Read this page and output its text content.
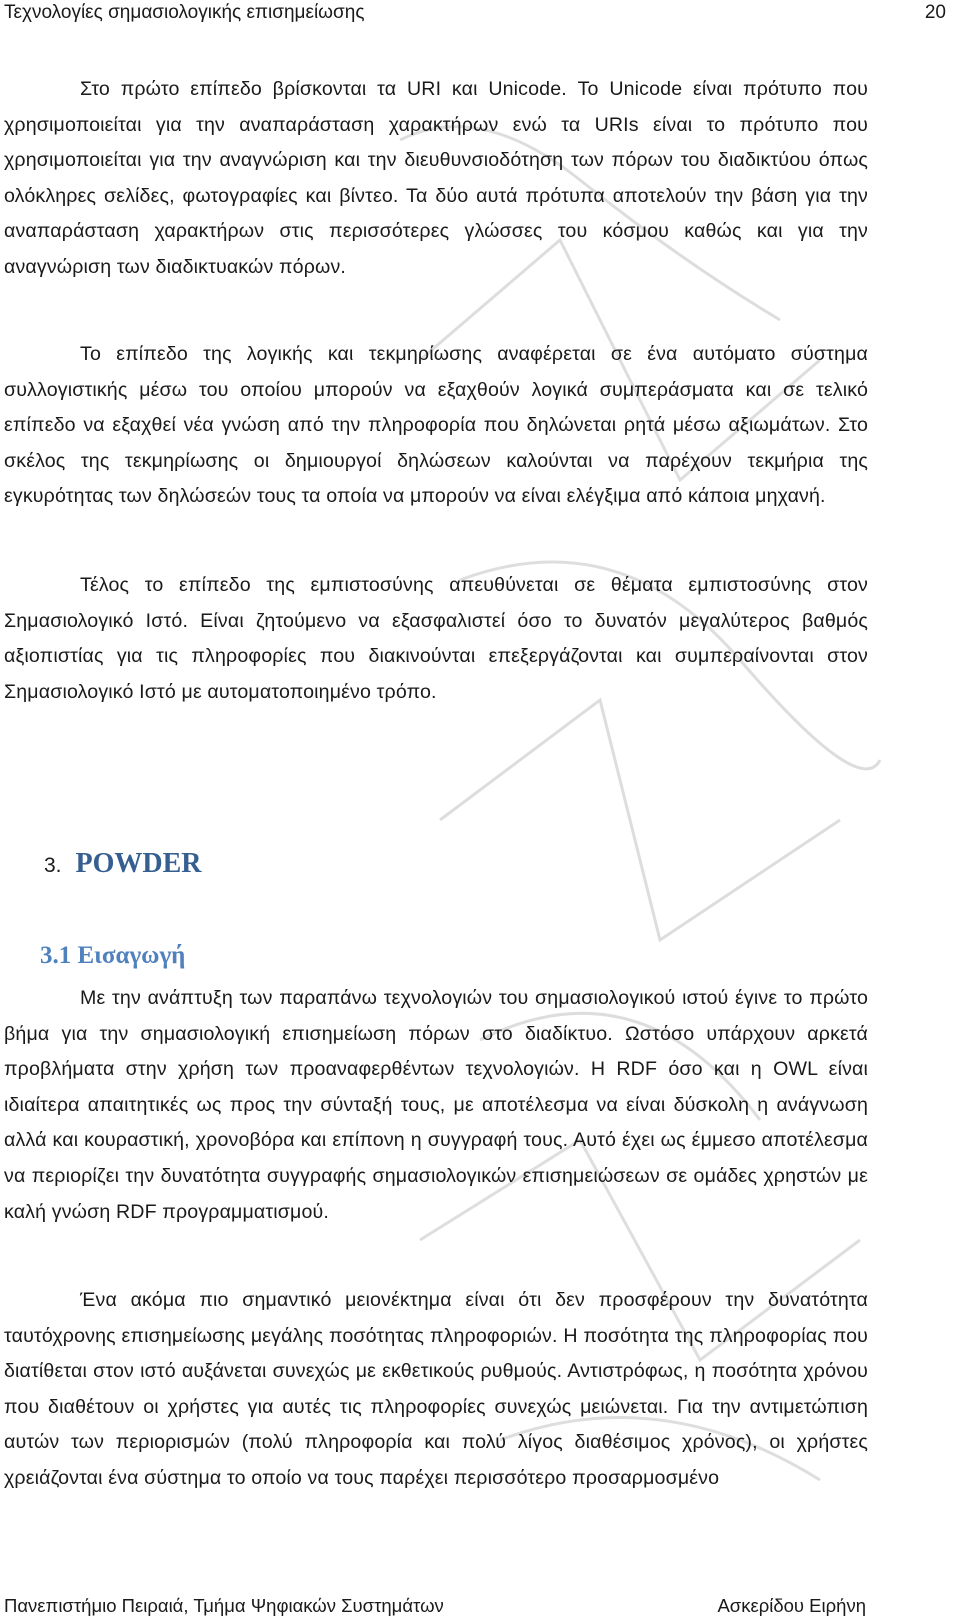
Τεχνολογίες σημασιολογικής επισημείωσης	20

Στο πρώτο επίπεδο βρίσκονται τα URI και Unicode. Το Unicode είναι πρότυπο που χρησιμοποιείται για την αναπαράσταση χαρακτήρων ενώ τα URIs είναι το πρότυπο που χρησιμοποιείται για την αναγνώριση και την διευθυνσιοδότηση των πόρων του διαδικτύου όπως ολόκληρες σελίδες, φωτογραφίες και βίντεο. Τα δύο αυτά πρότυπα αποτελούν την βάση για την αναπαράσταση χαρακτήρων στις περισσότερες γλώσσες του κόσμου καθώς και για την αναγνώριση των διαδικτυακών πόρων.

Το επίπεδο της λογικής και τεκμηρίωσης αναφέρεται σε ένα αυτόματο σύστημα συλλογιστικής μέσω του οποίου μπορούν να εξαχθούν λογικά συμπεράσματα και σε τελικό επίπεδο να εξαχθεί νέα γνώση από την πληροφορία που δηλώνεται ρητά μέσω αξιωμάτων. Στο σκέλος της τεκμηρίωσης οι δημιουργοί δηλώσεων καλούνται να παρέχουν τεκμήρια της εγκυρότητας των δηλώσεών τους τα οποία να μπορούν να είναι ελέγξιμα από κάποια μηχανή.

Τέλος το επίπεδο της εμπιστοσύνης απευθύνεται σε θέματα εμπιστοσύνης στον Σημασιολογικό Ιστό. Είναι ζητούμενο να εξασφαλιστεί όσο το δυνατόν μεγαλύτερος βαθμός αξιοπιστίας για τις πληροφορίες που διακινούνται επεξεργάζονται και συμπεραίνονται στον Σημασιολογικό Ιστό με αυτοματοποιημένο τρόπο.

3. POWDER
3.1 Εισαγωγή

Με την ανάπτυξη των παραπάνω τεχνολογιών του σημασιολογικού ιστού έγινε το πρώτο βήμα για την σημασιολογική επισημείωση πόρων στο διαδίκτυο. Ωστόσο υπάρχουν αρκετά προβλήματα στην χρήση των προαναφερθέντων τεχνολογιών. Η RDF όσο και η OWL είναι ιδιαίτερα απαιτητικές ως προς την σύνταξή τους, με αποτέλεσμα να είναι δύσκολη η ανάγνωση αλλά και κουραστική, χρονοβόρα και επίπονη η συγγραφή τους. Αυτό έχει ως έμμεσο αποτέλεσμα να περιορίζει την δυνατότητα συγγραφής σημασιολογικών επισημειώσεων σε ομάδες χρηστών με καλή γνώση RDF προγραμματισμού.

Ένα ακόμα πιο σημαντικό μειονέκτημα είναι ότι δεν προσφέρουν την δυνατότητα ταυτόχρονης επισημείωσης μεγάλης ποσότητας πληροφοριών. Η ποσότητα της πληροφορίας που διατίθεται στον ιστό αυξάνεται συνεχώς με εκθετικούς ρυθμούς. Αντιστρόφως, η ποσότητα χρόνου που διαθέτουν οι χρήστες για αυτές τις πληροφορίες συνεχώς μειώνεται. Για την αντιμετώπιση αυτών των περιορισμών (πολύ πληροφορία και πολύ λίγος διαθέσιμος χρόνος), οι χρήστες χρειάζονται ένα σύστημα το οποίο να τους παρέχει περισσότερο προσαρμοσμένο

Πανεπιστήμιο Πειραιά, Τμήμα Ψηφιακών Συστημάτων	Ασκερίδου Ειρήνη
